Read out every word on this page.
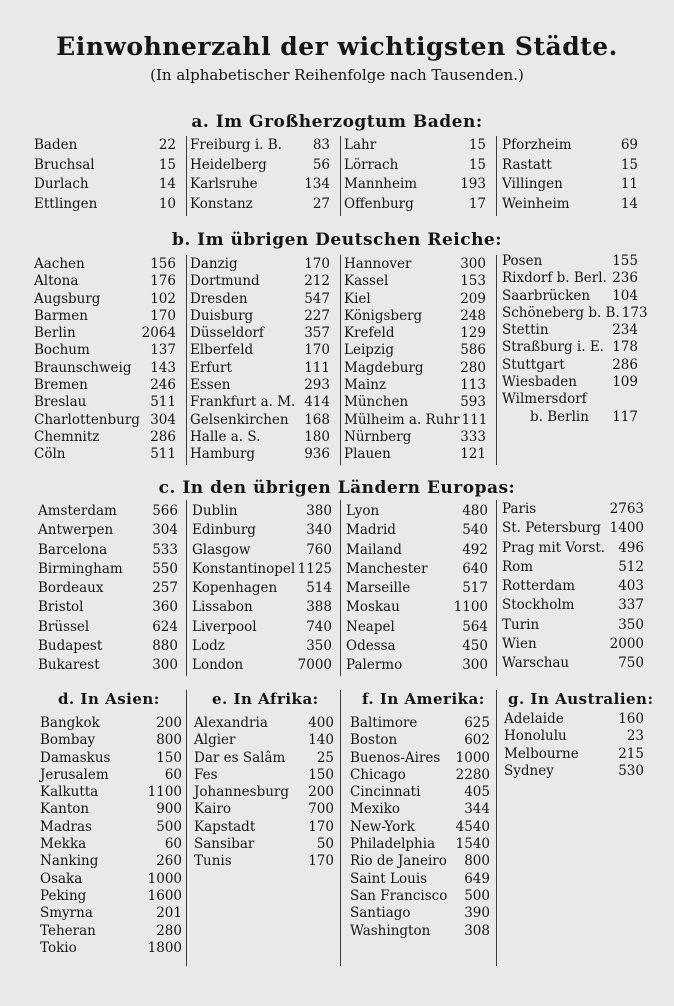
Einwohnerzahl der wichtigsten Städte.
(In alphabetischer Reihenfolge nach Tausenden.)
a. Im Großherzogtum Baden:
Baden	22
Bruchsal	15
Durlach	14
Ettlingen	10
Freiburg i. B. 83
Heidelberg	56
Karlsruhe	134
Konstanz	27
Lahr	15
Lörrach	15
Mannheim	193
Offenburg	17
Pforzheim	69
Rastatt	15
Villingen	11
Weinheim	14
b. Im übrigen Deutschen Reiche:
Aachen	156
Altona	176
Augsburg	102
Barmen	170
Berlin	2064
Bochum	137
Braunschweig 143
Bremen	246
Breslau	511
Charlottenburg 304
Chemnitz	286
Cöln	511
Danzig	170
Dortmund	212
Dresden	547
Duisburg	227
Düsseldorf	357
Elberfeld	170
Erfurt	111
Essen	293
Frankfurt a. M. 414
Gelsenkirchen 168
Halle a. S.	180
Hamburg	936
Hannover	300
Kassel	153
Kiel	209
Königsberg	248
Krefeld	129
Leipzig	586
Magdeburg	280
Mainz	113
München	593
Mülheim a. Ruhr 111
Nürnberg	333
Plauen	121
Posen	155
Rixdorf b. Berl. 236
Saarbrücken 104
Schöneberg b. B. 173
Stettin	234
Straßburg i. E. 178
Stuttgart	286
Wiesbaden	109
Wilmersdorf
b. Berlin 117
c. In den übrigen Ländern Europas:
Amsterdam	566
Antwerpen	304
Barcelona	533
Birmingham 550
Bordeaux	257
Bristol	360
Brüssel	624
Budapest	880
Bukarest	300
Dublin	380
Edinburg	340
Glasgow	760
Konstantinopel 1125
Kopenhagen 514
Lissabon	388
Liverpool	740
Lodz	350
London	7000
Lyon	480
Madrid	540
Mailand	492
Manchester	640
Marseille	517
Moskau	1100
Neapel	564
Odessa	450
Palermo	300
Paris	2763
St. Petersburg 1400
Prag mit Vorst. 496
Rom	512
Rotterdam	403
Stockholm	337
Turin	350
Wien	2000
Warschau	750
d. In Asien:	e. In Afrika:	f. In Amerika: g. In Australien:
Bangkok	200
Bombay	800
Damaskus	150
Jerusalem	60
Kalkutta	1100
Kanton	900
Madras	500
Mekka	60
Nanking	260
Osaka	1000
Peking	1600
Smyrna	201
Teheran	280
Tokio	1800
Alexandria	400
Algier	140
Dar es Salâm 25
Fes	150
Johannesburg 200
Kairo	700
Kapstadt	170
Sansibar	50
Tunis	170
Baltimore	625
Boston	602
Buenos-Aires 1000
Chicago	2280
Cincinnati	405
Mexiko	344
New-York	4540
Philadelphia 1540
Rio de Janeiro 800
Saint Louis	649
San Francisco 500
Santiago	390
Washington	308
Adelaide	160
Honolulu	23
Melbourne	215
Sydney	530
